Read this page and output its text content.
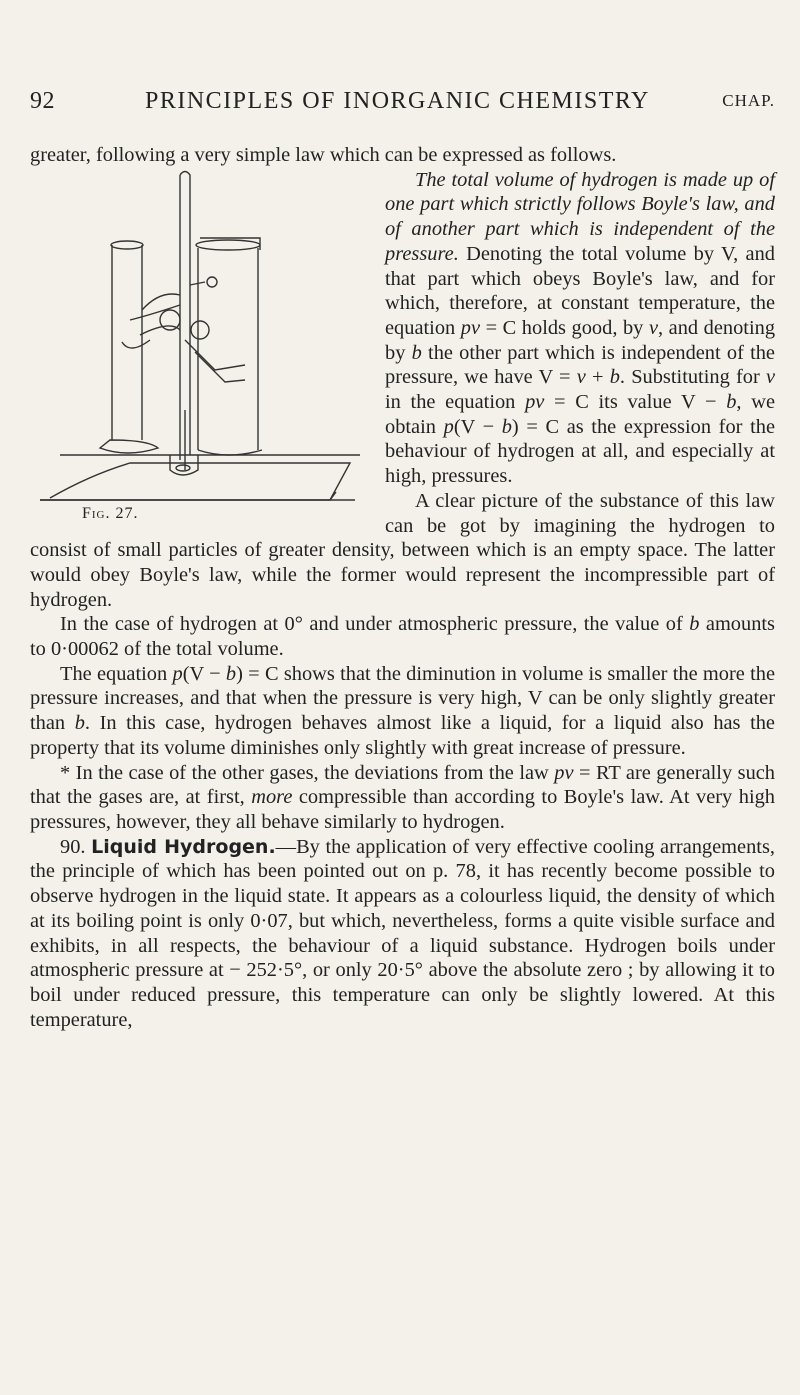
92	PRINCIPLES OF INORGANIC CHEMISTRY	CHAP.

greater, following a very simple law which can be expressed as follows.

Fig. 27.

The total volume of hydrogen is made up of one part which strictly follows Boyle's law, and of another part which is independent of the pressure. Denoting the total volume by V, and that part which obeys Boyle's law, and for which, therefore, at constant temperature, the equation pv = C holds good, by v, and denoting by b the other part which is independent of the pressure, we have V = v + b. Substituting for v in the equation pv = C its value V − b, we obtain p(V − b) = C as the expression for the behaviour of hydrogen at all, and especially at high, pressures.

A clear picture of the substance of this law can be got by imagining the hydrogen to consist of small particles of greater density, between which is an empty space. The latter would obey Boyle's law, while the former would represent the incompressible part of hydrogen.

In the case of hydrogen at 0° and under atmospheric pressure, the value of b amounts to 0·00062 of the total volume.

The equation p(V − b) = C shows that the diminution in volume is smaller the more the pressure increases, and that when the pressure is very high, V can be only slightly greater than b. In this case, hydrogen behaves almost like a liquid, for a liquid also has the property that its volume diminishes only slightly with great increase of pressure.

* In the case of the other gases, the deviations from the law pv = RT are generally such that the gases are, at first, more compressible than according to Boyle's law. At very high pressures, however, they all behave similarly to hydrogen.

90. Liquid Hydrogen.—By the application of very effective cooling arrangements, the principle of which has been pointed out on p. 78, it has recently become possible to observe hydrogen in the liquid state. It appears as a colourless liquid, the density of which at its boiling point is only 0·07, but which, nevertheless, forms a quite visible surface and exhibits, in all respects, the behaviour of a liquid substance. Hydrogen boils under atmospheric pressure at − 252·5°, or only 20·5° above the absolute zero ; by allowing it to boil under reduced pressure, this temperature can only be slightly lowered. At this temperature,
